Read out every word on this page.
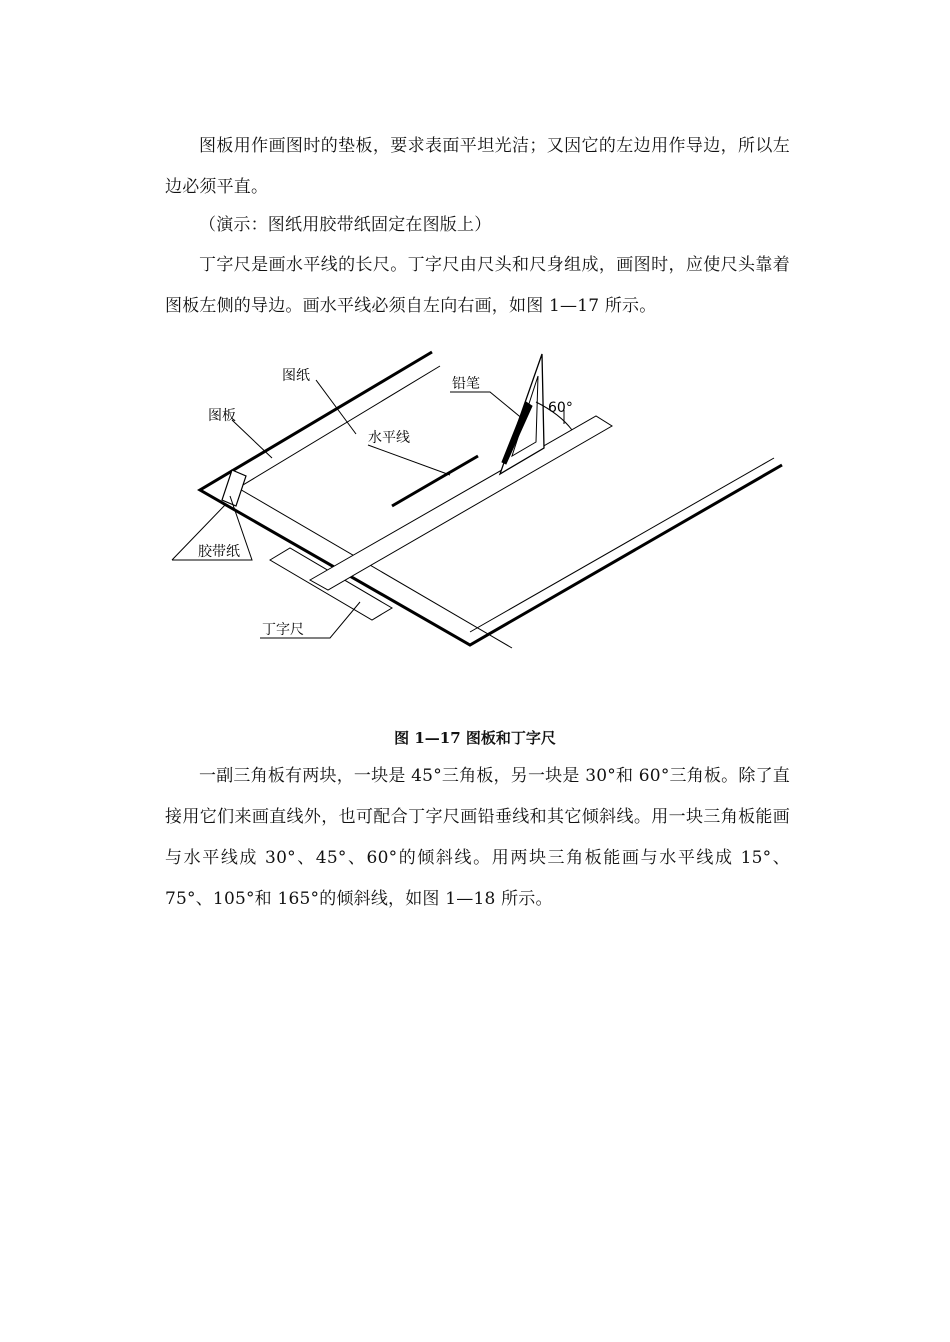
图板用作画图时的垫板，要求表面平坦光洁；又因它的左边用作导边，所以左边必须平直。

（演示：图纸用胶带纸固定在图版上）

丁字尺是画水平线的长尺。丁字尺由尺头和尺身组成，画图时，应使尺头靠着图板左侧的导边。画水平线必须自左向右画，如图 1—17 所示。

图纸
图板
水平线
铅笔
60°
胶带纸
丁字尺
图 1—17 图板和丁字尺

一副三角板有两块，一块是 45°三角板，另一块是 30°和 60°三角板。除了直接用它们来画直线外，也可配合丁字尺画铅垂线和其它倾斜线。用一块三角板能画与水平线成 30°、45°、60°的倾斜线。用两块三角板能画与水平线成 15°、75°、105°和 165°的倾斜线，如图 1—18 所示。
